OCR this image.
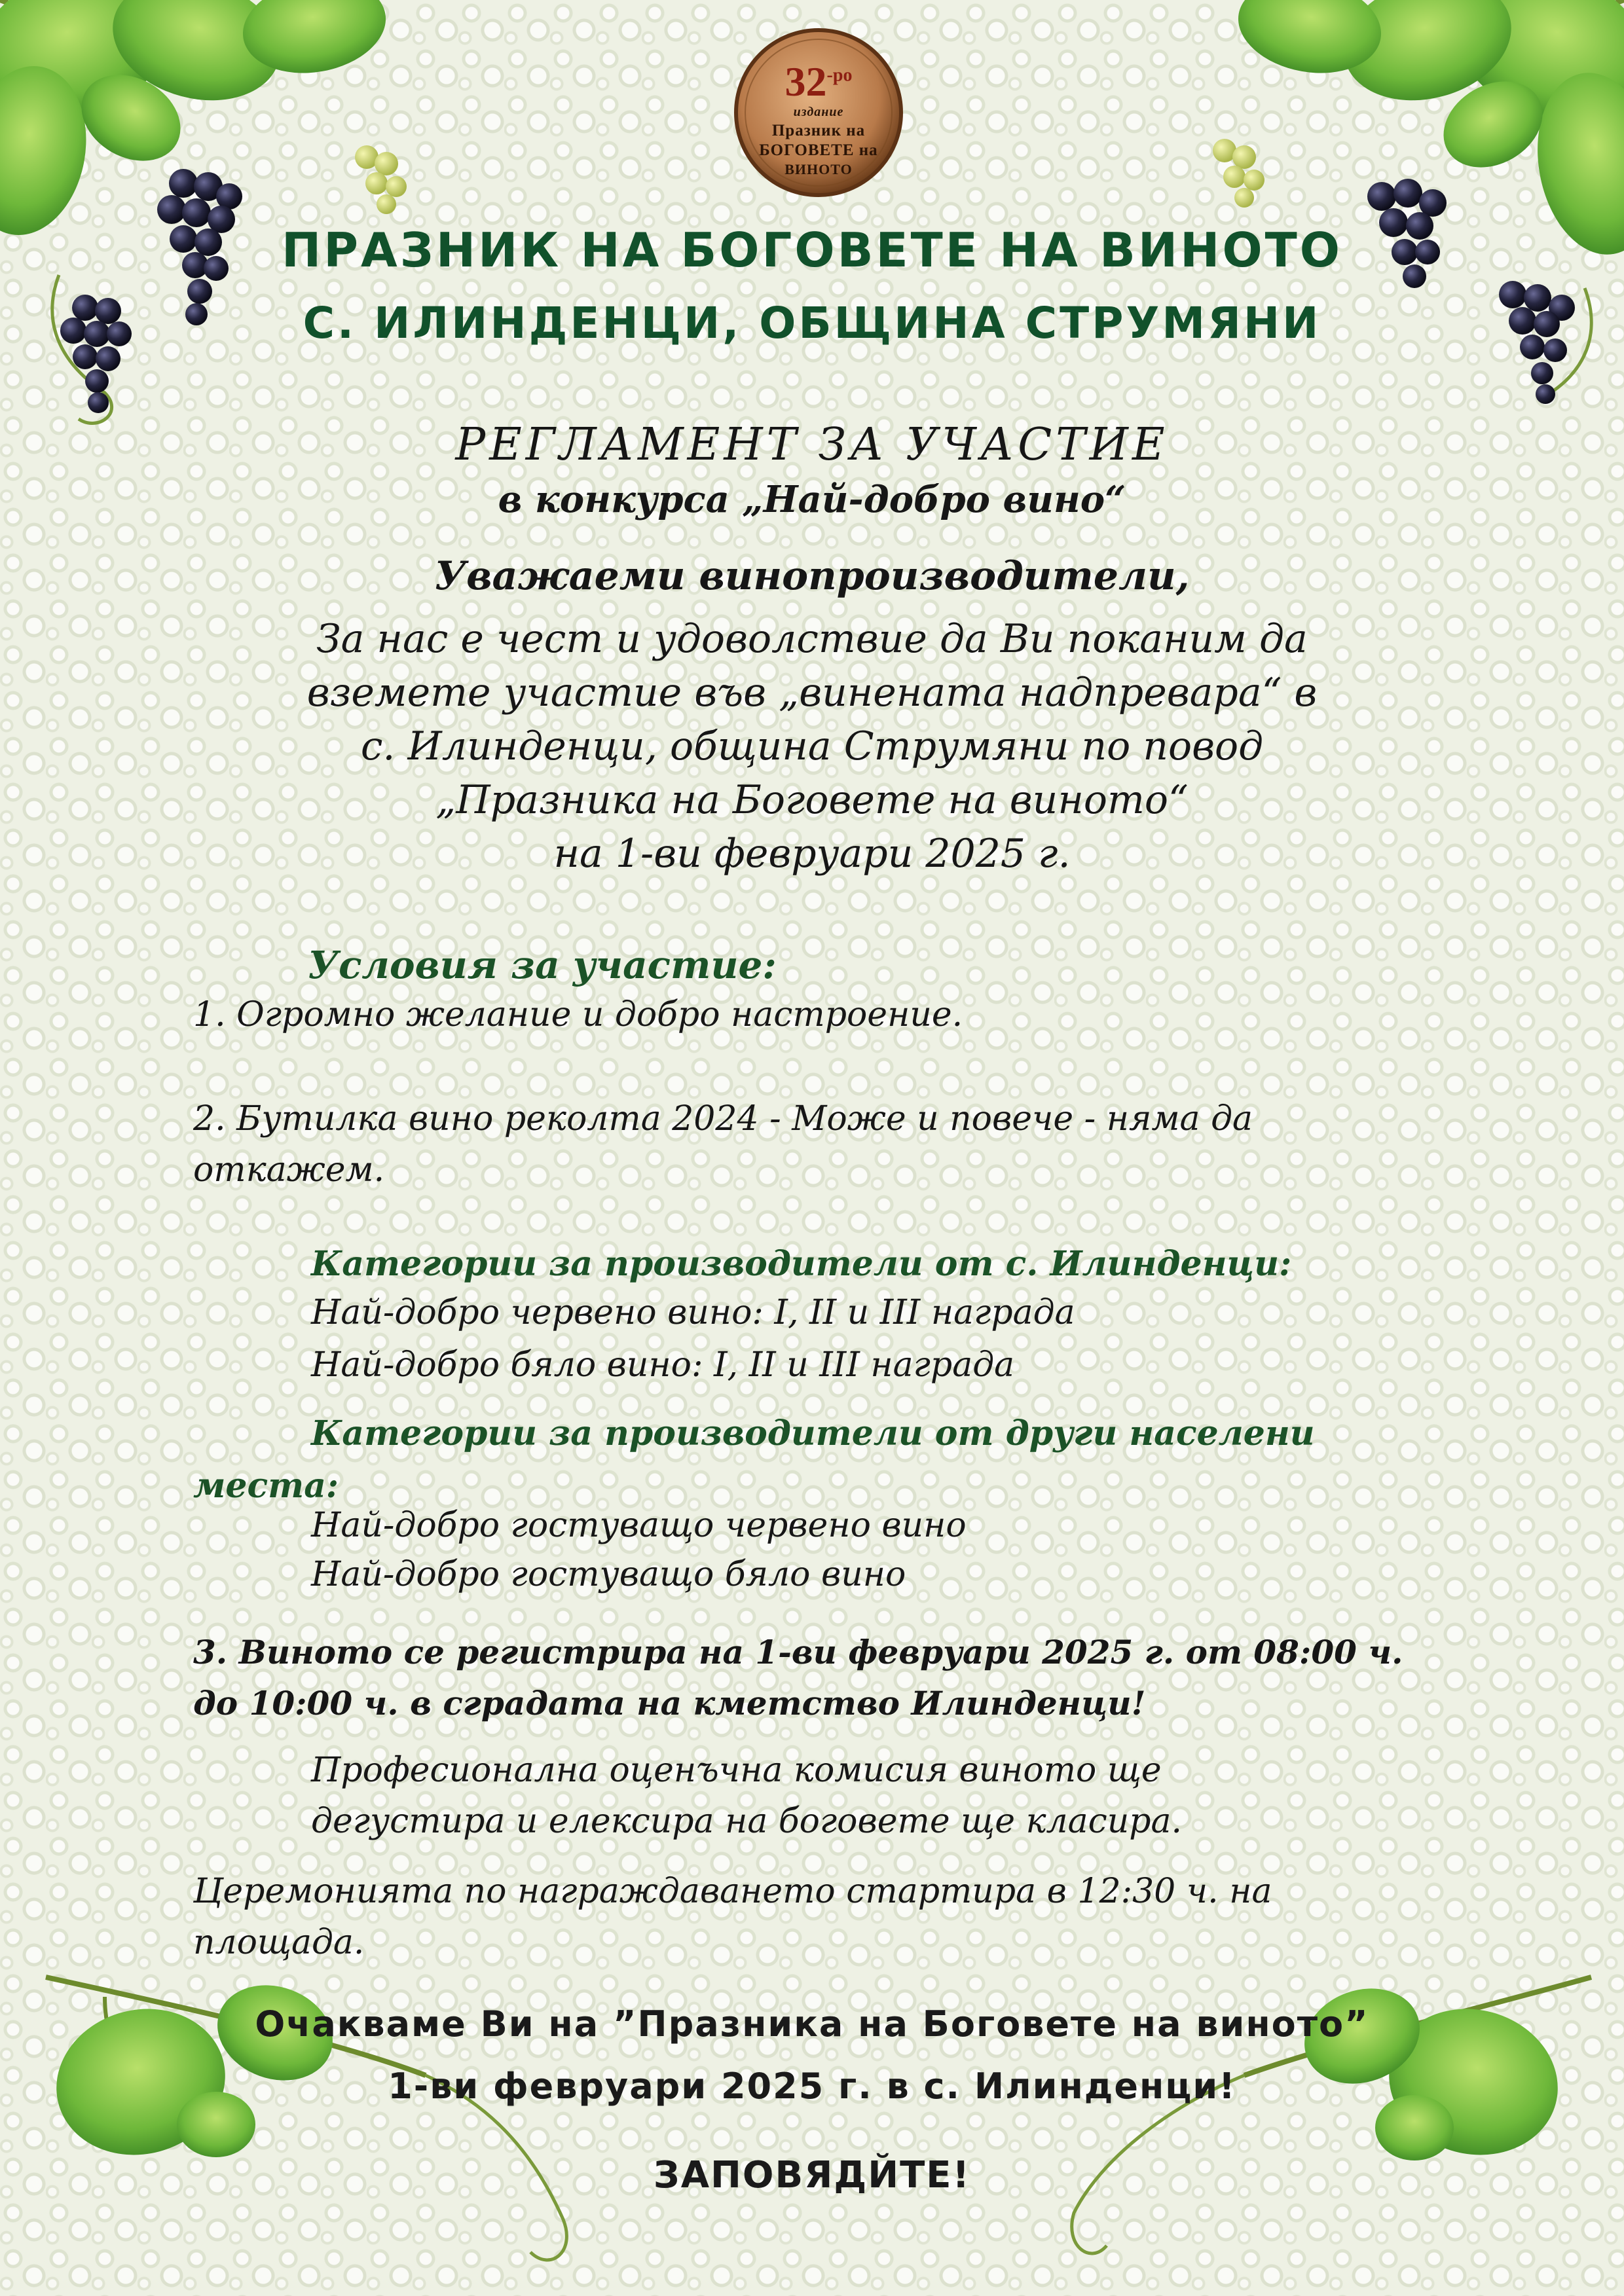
$32^{-ро}$
издание
Празник на
БОГОВЕТЕ на
ВИНОТО
ПРАЗНИК НА БОГОВЕТЕ НА ВИНОТО
С. ИЛИНДЕНЦИ, ОБЩИНА СТРУМЯНИ
РЕГЛАМЕНТ ЗА УЧАСТИЕ
в конкурса „Най-добро вино“
Уважаеми винопроизводители,
За нас е чест и удоволствие да Ви поканим да
вземете участие във „винената надпревара“ в
с. Илинденци, община Струмяни по повод
„Празника на Боговете на виното“
на 1-ви февруари 2025 г.
Условия за участие:
1. Огромно желание и добро настроение.
2. Бутилка вино реколта 2024 - Може и повече - няма да
откажем.
Категории за производители от с. Илинденци:
Най-добро червено вино: I, II и III награда
Най-добро бяло вино: I, II и III награда
Категории за производители от други населени
места:
Най-добро гостуващо червено вино
Най-добро гостуващо бяло вино
3. Виното се регистрира на 1-ви февруари 2025 г. от 08:00 ч.
до 10:00 ч. в сградата на кметство Илинденци!
Професионална оценъчна комисия виното ще
дегустира и елексира на боговете ще класира.
Церемонията по награждаването стартира в 12:30 ч. на
площада.
Очакваме Ви на ”Празника на Боговете на виното”
1-ви февруари 2025 г. в с. Илинденци!
ЗАПОВЯДЙТЕ!
